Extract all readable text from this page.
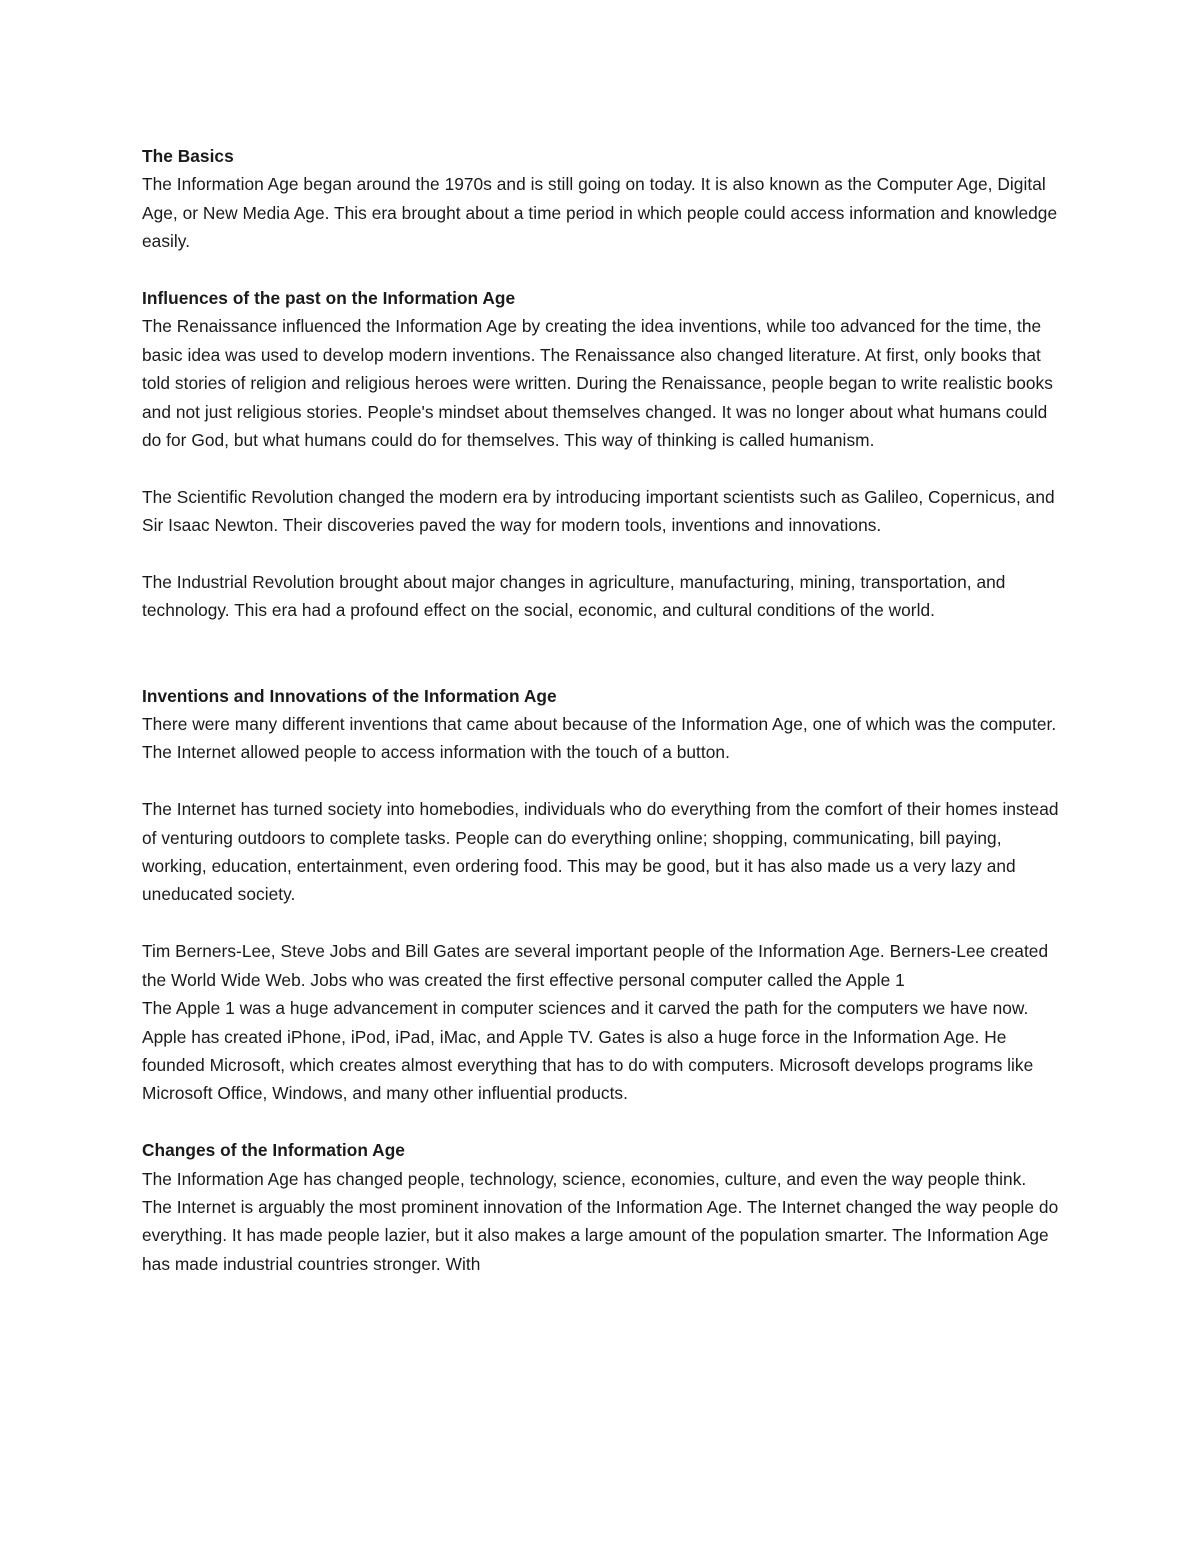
The Basics

The Information Age began around the 1970s and is still going on today. It is also known as the Computer Age, Digital Age, or New Media Age. This era brought about a time period in which people could access information and knowledge easily.

Influences of the past on the Information Age

The Renaissance influenced the Information Age by creating the idea inventions, while too advanced for the time, the basic idea was used to develop modern inventions. The Renaissance also changed literature. At first, only books that told stories of religion and religious heroes were written. During the Renaissance, people began to write realistic books and not just religious stories. People's mindset about themselves changed. It was no longer about what humans could do for God, but what humans could do for themselves. This way of thinking is called humanism.

The Scientific Revolution changed the modern era by introducing important scientists such as Galileo, Copernicus, and Sir Isaac Newton. Their discoveries paved the way for modern tools, inventions and innovations.

The Industrial Revolution brought about major changes in agriculture, manufacturing, mining, transportation, and technology. This era had a profound effect on the social, economic, and cultural conditions of the world.

Inventions and Innovations of the Information Age

There were many different inventions that came about because of the Information Age, one of which was the computer. The Internet allowed people to access information with the touch of a button.

The Internet has turned society into homebodies, individuals who do everything from the comfort of their homes instead of venturing outdoors to complete tasks. People can do everything online; shopping, communicating, bill paying, working, education, entertainment, even ordering food. This may be good, but it has also made us a very lazy and uneducated society.

Tim Berners-Lee, Steve Jobs and Bill Gates are several important people of the Information Age. Berners-Lee created the World Wide Web. Jobs who was created the first effective personal computer called the Apple 1

The Apple 1 was a huge advancement in computer sciences and it carved the path for the computers we have now. Apple has created iPhone, iPod, iPad, iMac, and Apple TV. Gates is also a huge force in the Information Age. He founded Microsoft, which creates almost everything that has to do with computers. Microsoft develops programs like Microsoft Office, Windows, and many other influential products.

Changes of the Information Age

The Information Age has changed people, technology, science, economies, culture, and even the way people think. The Internet is arguably the most prominent innovation of the Information Age. The Internet changed the way people do everything. It has made people lazier, but it also makes a large amount of the population smarter. The Information Age has made industrial countries stronger. With
